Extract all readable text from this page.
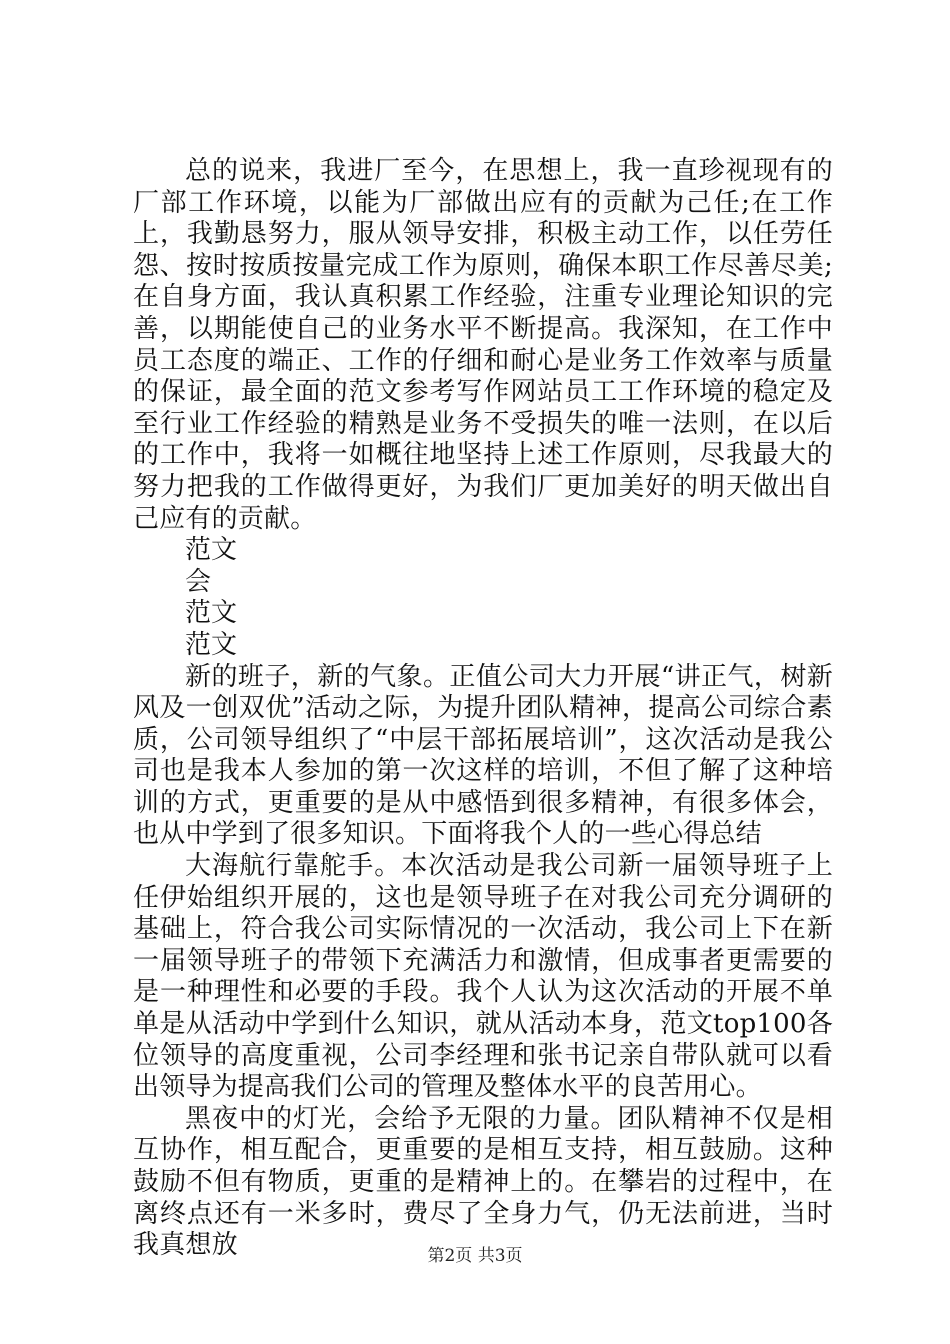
总的说来，我进厂至今，在思想上，我一直珍视现有的厂部工作环境，以能为厂部做出应有的贡献为己任;在工作上，我勤恳努力，服从领导安排，积极主动工作，以任劳任怨、按时按质按量完成工作为原则，确保本职工作尽善尽美;在自身方面，我认真积累工作经验，注重专业理论知识的完善，以期能使自己的业务水平不断提高。我深知，在工作中员工态度的端正、工作的仔细和耐心是业务工作效率与质量的保证，最全面的范文参考写作网站员工工作环境的稳定及至行业工作经验的精熟是业务不受损失的唯一法则，在以后的工作中，我将一如概往地坚持上述工作原则，尽我最大的努力把我的工作做得更好，为我们厂更加美好的明天做出自己应有的贡献。

范文

会

范文

范文

新的班子，新的气象。正值公司大力开展“讲正气，树新风及一创双优”活动之际，为提升团队精神，提高公司综合素质，公司领导组织了“中层干部拓展培训”，这次活动是我公司也是我本人参加的第一次这样的培训，不但了解了这种培训的方式，更重要的是从中感悟到很多精神，有很多体会，也从中学到了很多知识。下面将我个人的一些心得总结

大海航行靠舵手。本次活动是我公司新一届领导班子上任伊始组织开展的，这也是领导班子在对我公司充分调研的基础上，符合我公司实际情况的一次活动，我公司上下在新一届领导班子的带领下充满活力和激情，但成事者更需要的是一种理性和必要的手段。我个人认为这次活动的开展不单单是从活动中学到什么知识，就从活动本身，范文top100各位领导的高度重视，公司李经理和张书记亲自带队就可以看出领导为提高我们公司的管理及整体水平的良苦用心。

黑夜中的灯光，会给予无限的力量。团队精神不仅是相互协作，相互配合，更重要的是相互支持，相互鼓励。这种鼓励不但有物质，更重的是精神上的。在攀岩的过程中，在离终点还有一米多时，费尽了全身力气，仍无法前进，当时我真想放	第2页 共3页
